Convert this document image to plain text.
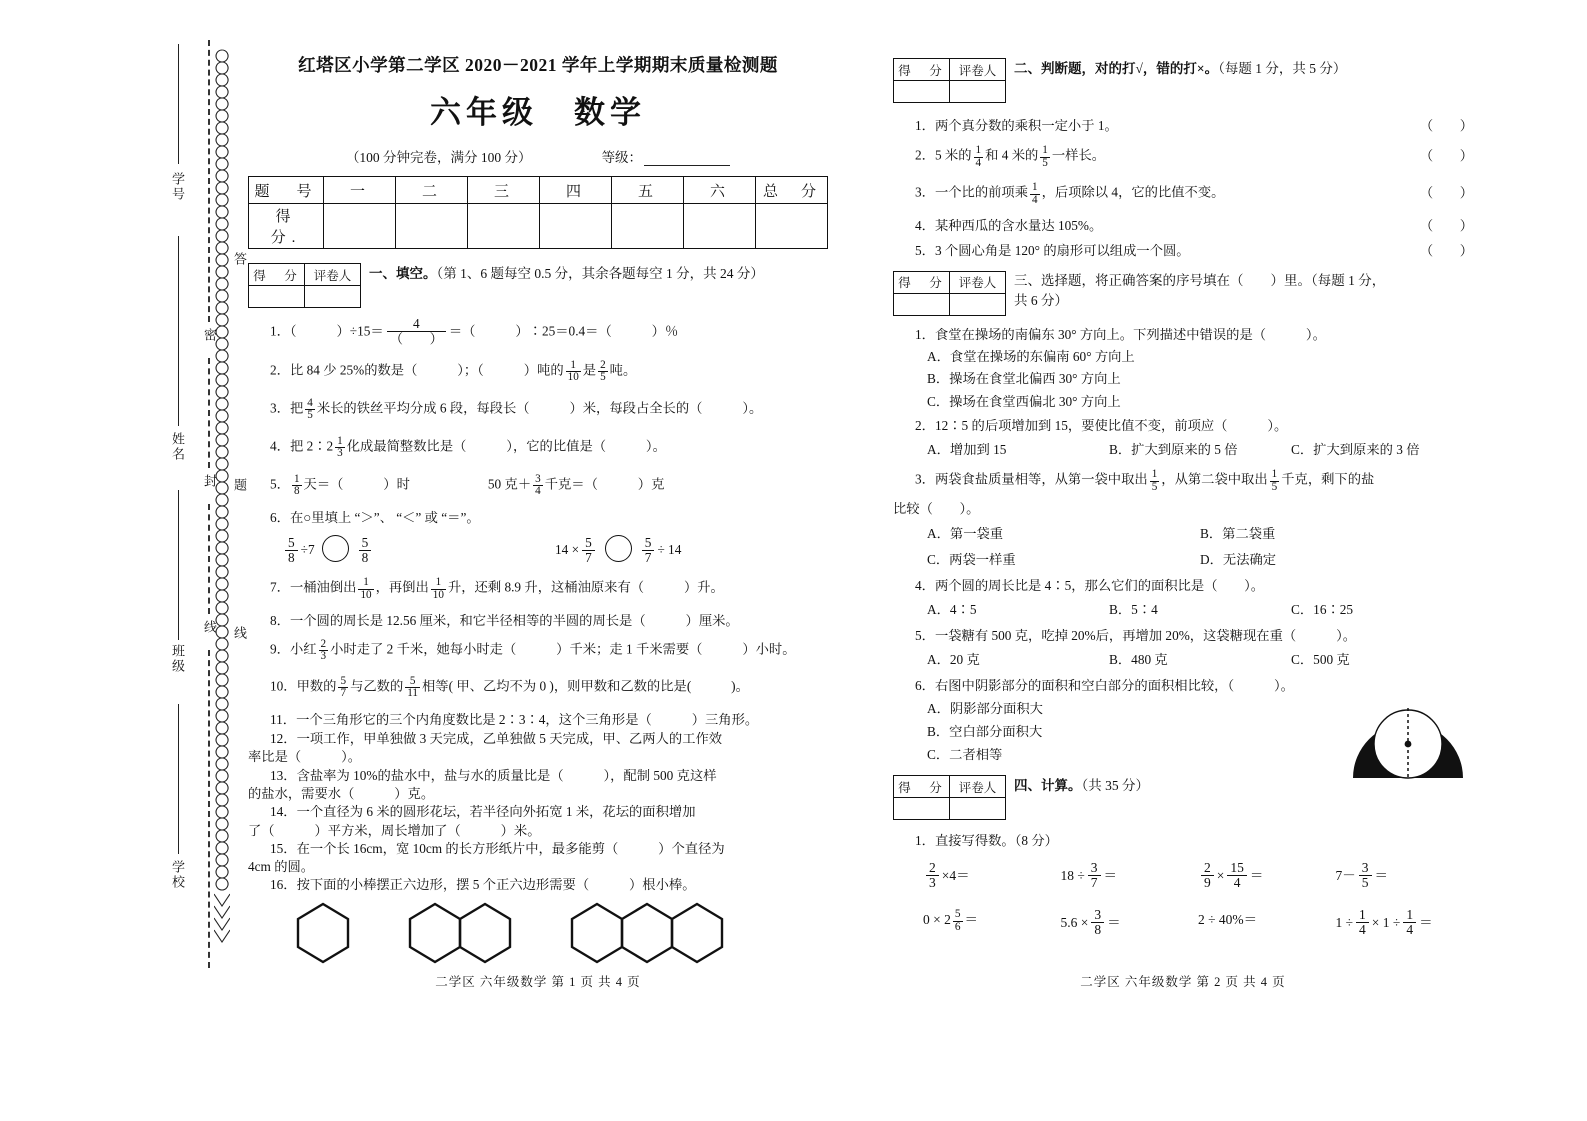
学号
姓名
班级
学校
密
封
线
答
题
线
红塔区小学第二学区 2020－2021 学年上学期期末质量检测题
六年级　数学
（100 分钟完卷，满分 100 分）	等级：
题　号	一	二	三	四	五	六	总　分
得　分.							
得　分	评卷人
	一、填空。（第 1、6 题每空 0.5 分，其余各题每空 1 分，共 24 分）
1．（　　　）$\div 15= \frac{4}{( )}$ ＝（　　　）∶25＝0.4＝（　　　）％
2．比 84 少 25%的数是（　　　）；（　　　）吨的 $\frac{1}{10}$ 是 $\frac{2}{5}$ 吨。
3．把 $\frac{4}{5}$ 米长的铁丝平均分成 6 段，每段长（　　　）米，每段占全长的（　　　）。
4．把 2∶2 $\frac{1}{3}$ 化成最简整数比是（　　　），它的比值是（　　　）。
5． $\frac{1}{8}$ 天＝（　　　）时	50 克＋ $\frac{3}{4}$ 千克＝（　　　）克
6．在○里填上 “＞”、 “＜” 或 “＝”。
$\frac{5}{8} \div 7$	$\frac{5}{8}$	$14 \times \frac{5}{7}$	$\frac{5}{7} \div 14$
7．一桶油倒出 $\frac{1}{10}$ ，再倒出 $\frac{1}{10}$ 升，还剩 8.9 升，这桶油原来有（　　　）升。
8．一个圆的周长是 12.56 厘米，和它半径相等的半圆的周长是（　　　）厘米。
9．小红 $\frac{2}{3}$ 小时走了 2 千米，她每小时走（　　　）千米；走 1 千米需要（　　　）小时。
10．甲数的 $\frac{5}{7}$ 与乙数的 $\frac{5}{11}$ 相等( 甲、乙均不为 0 )，则甲数和乙数的比是(　　　)。
11．一个三角形它的三个内角度数比是 2∶3∶4，这个三角形是（　　　）三角形。
12．一项工作，甲单独做 3 天完成，乙单独做 5 天完成，甲、乙两人的工作效
率比是（　　　）。
13．含盐率为 10%的盐水中，盐与水的质量比是（　　　），配制 500 克这样
的盐水，需要水（　　　）克。
14．一个直径为 6 米的圆形花坛，若半径向外拓宽 1 米，花坛的面积增加
了（　　　）平方米，周长增加了（　　　）米。
15．在一个长 16cm，宽 10cm 的长方形纸片中，最多能剪（　　　）个直径为
4cm 的圆。
16．按下面的小棒摆正六边形，摆 5 个正六边形需要（　　　）根小棒。
二学区 六年级数学 第 1 页 共 4 页
得　分	评卷人
	二、判断题，对的打√，错的打×。（每题 1 分，共 5 分）
1．两个真分数的乘积一定小于 1。	（　　）
2．5 米的 $\frac{1}{4}$ 和 4 米的 $\frac{1}{5}$ 一样长。	（　　）
3．一个比的前项乘 $\frac{1}{4}$ ，后项除以 4，它的比值不变。	（　　）
4．某种西瓜的含水量达 105%。	（　　）
5．3 个圆心角是 120° 的扇形可以组成一个圆。	（　　）
得　分	评卷人
	三、选择题，将正确答案的序号填在（　　）里。（每题 1 分，
共 6 分）
1．食堂在操场的南偏东 30° 方向上。下列描述中错误的是（　　　）。
A．食堂在操场的东偏南 60° 方向上
B．操场在食堂北偏西 30° 方向上
C．操场在食堂西偏北 30° 方向上
2．12∶5 的后项增加到 15，要使比值不变，前项应（　　　）。
A．增加到 15	B．扩大到原来的 5 倍	C．扩大到原来的 3 倍
3．两袋食盐质量相等，从第一袋中取出 $\frac{1}{5}$ ，从第二袋中取出 $\frac{1}{5}$ 千克，剩下的盐
比较（　　）。
A．第一袋重	B．第二袋重
C．两袋一样重	D．无法确定
4．两个圆的周长比是 4∶5，那么它们的面积比是（　　）。
A．4∶5	B．5∶4	C．16∶25
5．一袋糖有 500 克，吃掉 20%后，再增加 20%，这袋糖现在重（　　　）。
A．20 克	B．480 克	C．500 克
6．右图中阴影部分的面积和空白部分的面积相比较，（　　　）。
A．阴影部分面积大
B．空白部分面积大
C．二者相等
得　分	评卷人
	四、计算。（共 35 分）
1．直接写得数。（8 分）
$\frac{2}{3} \times 4=$	$18 \div \frac{3}{7}$ ＝	$\frac{2}{9} \times \frac{15}{4}$ ＝	$7- \frac{3}{5}$ ＝
$0 \times 2 \frac{5}{6}$ ＝	$5.6 \times \frac{3}{8}$ ＝	2 ÷ 40%＝	$1 \div \frac{1}{4} \times 1 \div \frac{1}{4}$ ＝
二学区 六年级数学 第 2 页 共 4 页
